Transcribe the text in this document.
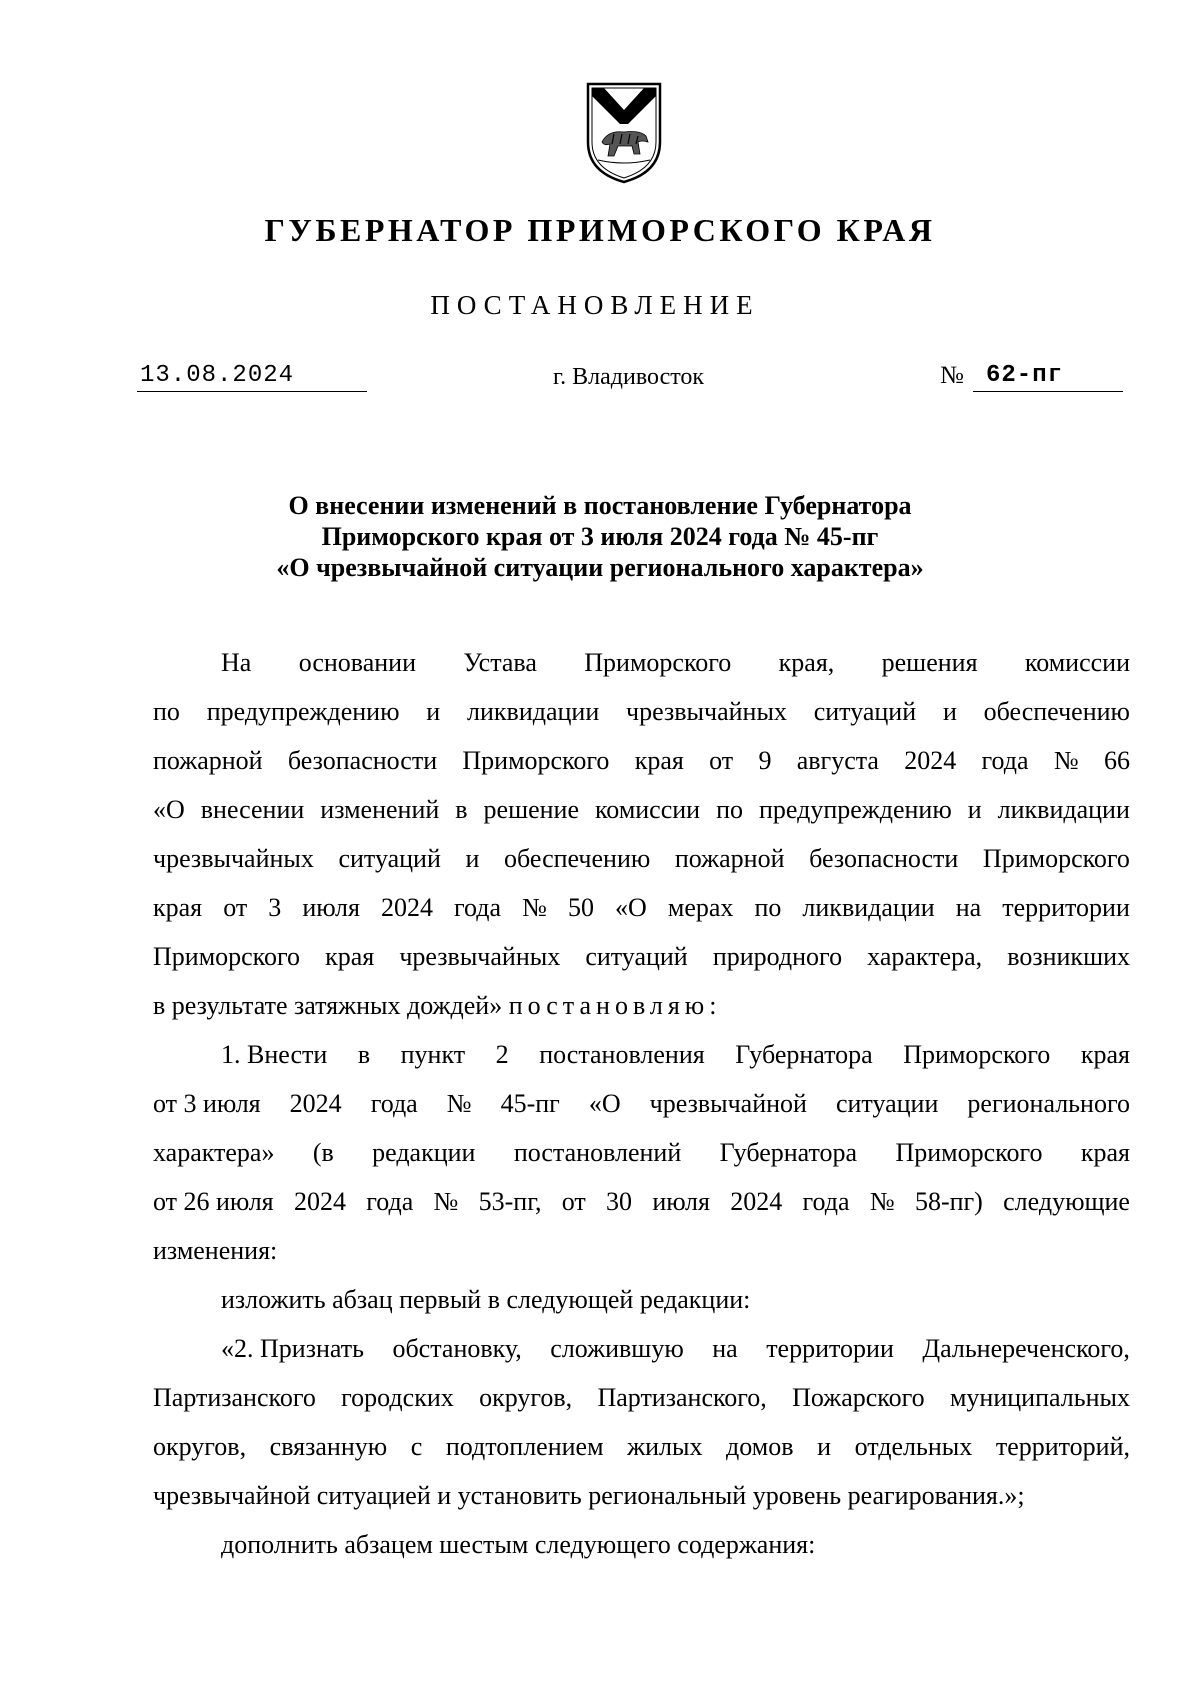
ГУБЕРНАТОР ПРИМОРСКОГО КРАЯ
ПОСТАНОВЛЕНИЕ
13.08.2024	г. Владивосток	№ 62-пг
О внесении изменений в постановление Губернатора
Приморского края от 3 июля 2024 года № 45-пг
«О чрезвычайной ситуации регионального характера»
На основании Устава Приморского края, решения комиссии
по предупреждению и ликвидации чрезвычайных ситуаций и обеспечению
пожарной безопасности Приморского края от 9 августа 2024 года № 66
«О внесении изменений в решение комиссии по предупреждению и ликвидации
чрезвычайных ситуаций и обеспечению пожарной безопасности Приморского
края от 3 июля 2024 года № 50 «О мерах по ликвидации на территории
Приморского края чрезвычайных ситуаций природного характера, возникших
в результате затяжных дождей» постановляю:
1. Внести в пункт 2 постановления Губернатора Приморского края
от 3 июля 2024 года № 45-пг «О чрезвычайной ситуации регионального
характера» (в редакции постановлений Губернатора Приморского края
от 26 июля 2024 года № 53-пг, от 30 июля 2024 года № 58-пг) следующие
изменения:
изложить абзац первый в следующей редакции:
«2. Признать обстановку, сложившую на территории Дальнереченского,
Партизанского городских округов, Партизанского, Пожарского муниципальных
округов, связанную с подтоплением жилых домов и отдельных территорий,
чрезвычайной ситуацией и установить региональный уровень реагирования.»;
дополнить абзацем шестым следующего содержания:
